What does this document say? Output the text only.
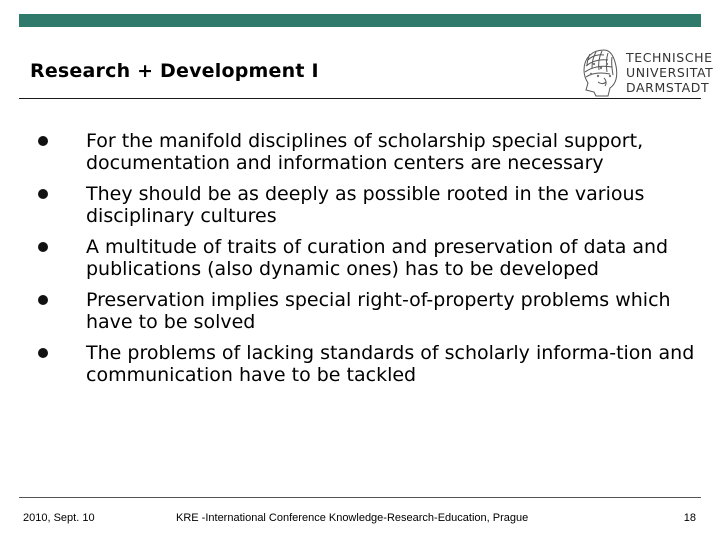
Research + Development I
TECHNISCHE
UNIVERSITAT
DARMSTADT
For the manifold disciplines of scholarship special support, documentation and information centers are necessary
They should be as deeply as possible rooted in the various disciplinary cultures
A multitude of traits of curation and preservation of data and publications (also dynamic ones) has to be developed
Preservation implies special right-of-property problems which have to be solved
The problems of lacking standards of scholarly informa-tion and communication have to be tackled
2010, Sept. 10	KRE -International Conference Knowledge-Research-Education, Prague	18
